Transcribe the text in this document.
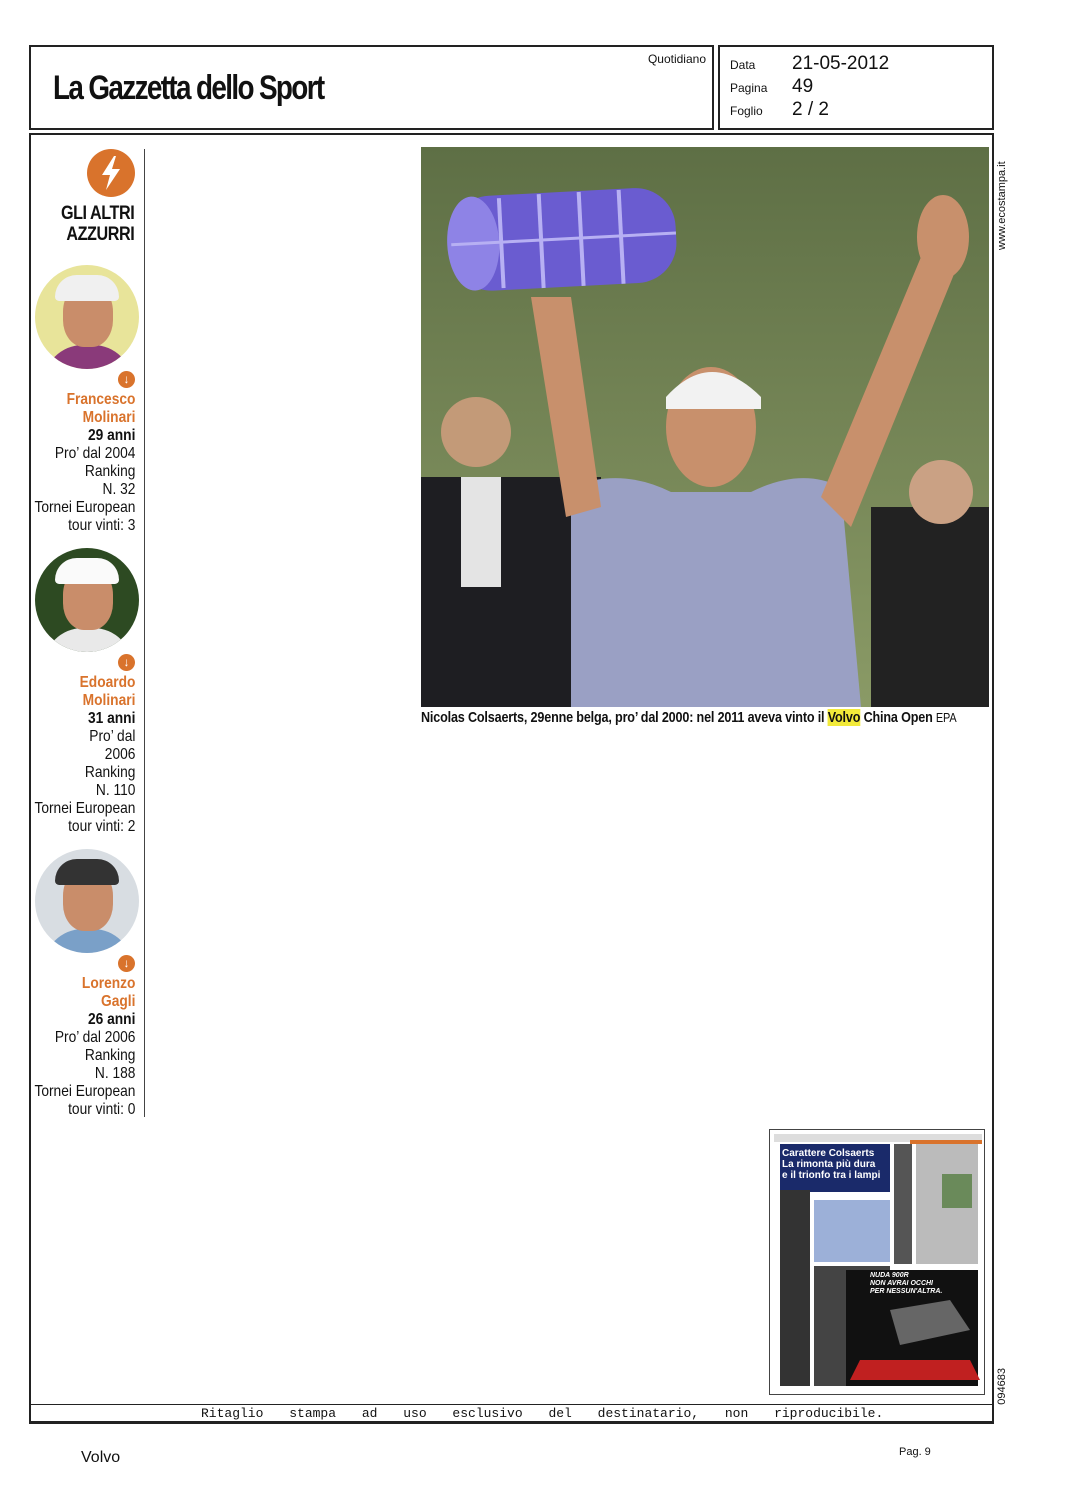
La Gazzetta dello Sport
Quotidiano Data	21-05-2012
Pagina	49
Foglio	2 / 2
GLI ALTRI
AZZURRI
↓
Francesco
Molinari
29 anni
Pro’ dal 2004
Ranking
N. 32
Tornei European
tour vinti: 3
↓
Edoardo
Molinari
31 anni
Pro’ dal
2006
Ranking
N. 110
Tornei European
tour vinti: 2
↓
Lorenzo
Gagli
26 anni
Pro’ dal 2006
Ranking
N. 188
Tornei European
tour vinti: 0
Nicolas Colsaerts, 29enne belga, pro’ dal 2000: nel 2011 aveva vinto il Volvo China Open EPA
Carattere Colsaerts
La rimonta più dura
e il trionfo tra i lampi
NUDA 900R
NON AVRAI OCCHI
PER NESSUN'ALTRA.
Ritaglio stampa ad uso esclusivo del destinatario, non riproducibile.
www.ecostampa.it
094683
Volvo	Pag. 9
